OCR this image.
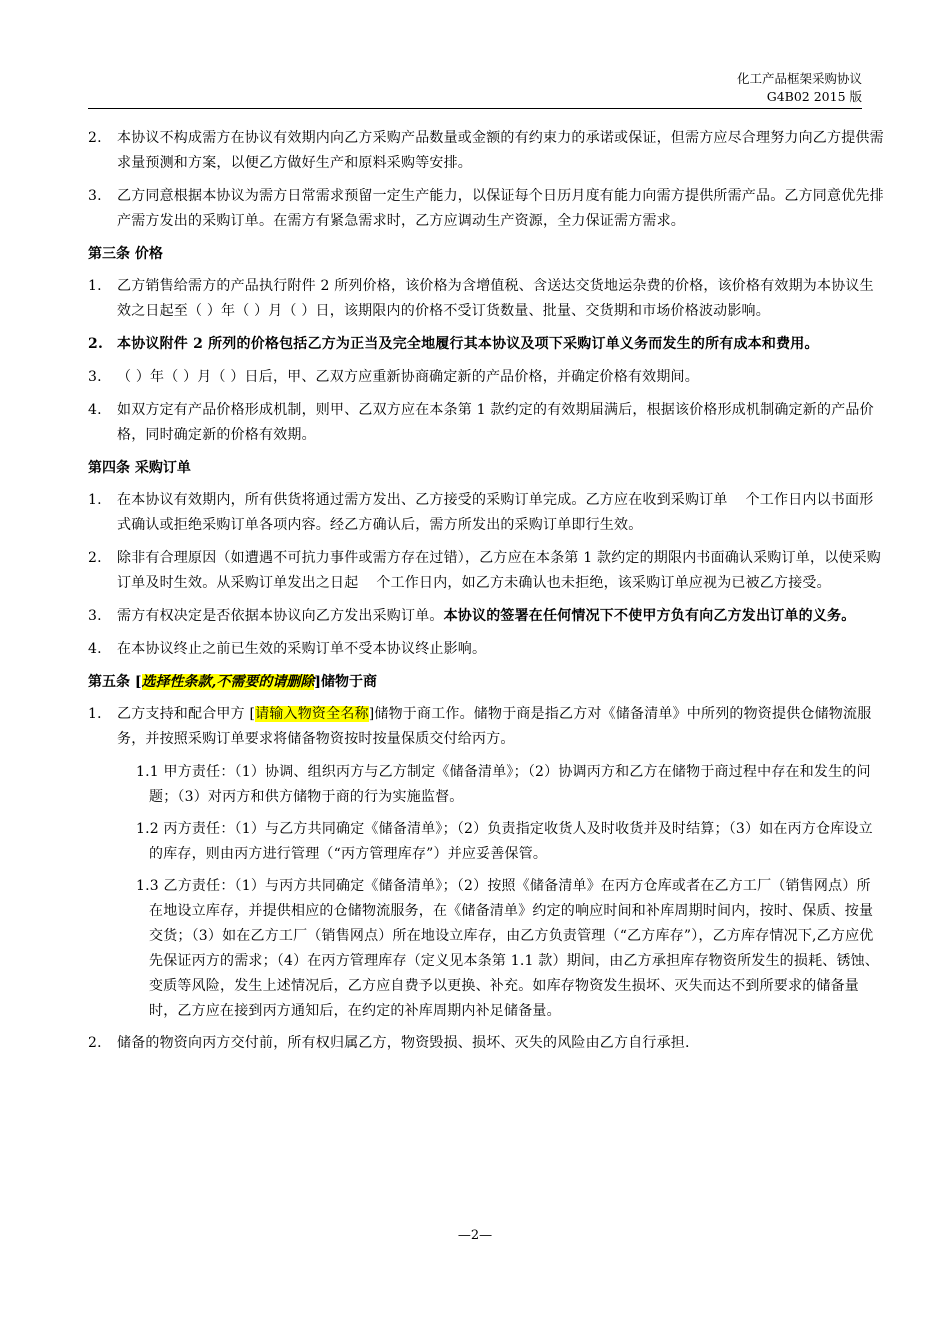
化工产品框架采购协议
G4B02 2015 版
2. 本协议不构成需方在协议有效期内向乙方采购产品数量或金额的有约束力的承诺或保证，但需方应尽合理努力向乙方提供需求量预测和方案，以便乙方做好生产和原料采购等安排。
3. 乙方同意根据本协议为需方日常需求预留一定生产能力，以保证每个日历月度有能力向需方提供所需产品。乙方同意优先排产需方发出的采购订单。在需方有紧急需求时，乙方应调动生产资源，全力保证需方需求。
第三条 价格
1. 乙方销售给需方的产品执行附件 2 所列价格，该价格为含增值税、含送达交货地运杂费的价格，该价格有效期为本协议生效之日起至（ ）年（ ）月（ ）日，该期限内的价格不受订货数量、批量、交货期和市场价格波动影响。
2. 本协议附件 2 所列的价格包括乙方为正当及完全地履行其本协议及项下采购订单义务而发生的所有成本和费用。
3. （ ）年（ ）月（ ）日后，甲、乙双方应重新协商确定新的产品价格，并确定价格有效期间。
4. 如双方定有产品价格形成机制，则甲、乙双方应在本条第 1 款约定的有效期届满后，根据该价格形成机制确定新的产品价格，同时确定新的价格有效期。
第四条 采购订单
1. 在本协议有效期内，所有供货将通过需方发出、乙方接受的采购订单完成。乙方应在收到采购订单 个工作日内以书面形式确认或拒绝采购订单各项内容。经乙方确认后，需方所发出的采购订单即行生效。
2. 除非有合理原因（如遭遇不可抗力事件或需方存在过错），乙方应在本条第 1 款约定的期限内书面确认采购订单，以使采购订单及时生效。从采购订单发出之日起 个工作日内，如乙方未确认也未拒绝，该采购订单应视为已被乙方接受。
3. 需方有权决定是否依据本协议向乙方发出采购订单。本协议的签署在任何情况下不使甲方负有向乙方发出订单的义务。
4. 在本协议终止之前已生效的采购订单不受本协议终止影响。
第五条 [选择性条款,不需要的请删除]储物于商
1． 乙方支持和配合甲方 [请输入物资全名称]储物于商工作。储物于商是指乙方对《储备清单》中所列的物资提供仓储物流服务，并按照采购订单要求将储备物资按时按量保质交付给丙方。
1.1 甲方责任：（1）协调、组织丙方与乙方制定《储备清单》；（2）协调丙方和乙方在储物于商过程中存在和发生的问题；（3）对丙方和供方储物于商的行为实施监督。
1.2 丙方责任：（1）与乙方共同确定《储备清单》；（2）负责指定收货人及时收货并及时结算；（3）如在丙方仓库设立的库存，则由丙方进行管理（“丙方管理库存”）并应妥善保管。
1.3 乙方责任：（1）与丙方共同确定《储备清单》；（2）按照《储备清单》在丙方仓库或者在乙方工厂（销售网点）所在地设立库存，并提供相应的仓储物流服务，在《储备清单》约定的响应时间和补库周期时间内，按时、保质、按量交货；（3）如在乙方工厂（销售网点）所在地设立库存，由乙方负责管理（“乙方库存”），乙方库存情况下,乙方应优先保证丙方的需求；（4）在丙方管理库存（定义见本条第 1.1 款）期间，由乙方承担库存物资所发生的损耗、锈蚀、变质等风险，发生上述情况后，乙方应自费予以更换、补充。如库存物资发生损坏、灭失而达不到所要求的储备量时，乙方应在接到丙方通知后，在约定的补库周期内补足储备量。
2． 储备的物资向丙方交付前，所有权归属乙方，物资毁损、损坏、灭失的风险由乙方自行承担.
—2—
